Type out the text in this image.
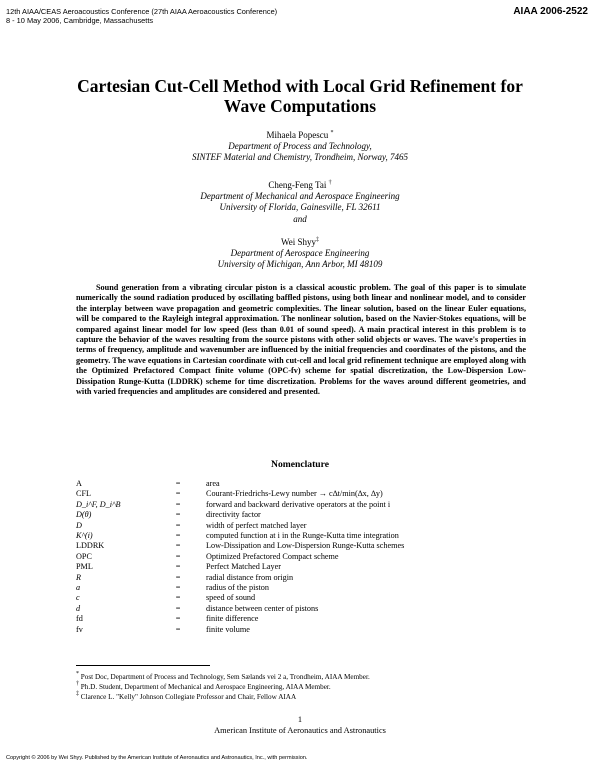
12th AIAA/CEAS Aeroacoustics Conference (27th AIAA Aeroacoustics Conference)
8 - 10 May 2006, Cambridge, Massachusetts
AIAA 2006-2522
Cartesian Cut-Cell Method with Local Grid Refinement for
Wave Computations
Mihaela Popescu *
Department of Process and Technology,
SINTEF Material and Chemistry, Trondheim, Norway, 7465
Cheng-Feng Tai †
Department of Mechanical and Aerospace Engineering
University of Florida, Gainesville, FL 32611
and
Wei Shyy‡
Department of Aerospace Engineering
University of Michigan, Ann Arbor, MI 48109
Sound generation from a vibrating circular piston is a classical acoustic problem. The goal of this paper is to simulate numerically the sound radiation produced by oscillating baffled pistons, using both linear and nonlinear model, and to consider the interplay between wave propagation and geometric complexities. The linear solution, based on the linear Euler equations, will be compared to the Rayleigh integral approximation. The nonlinear solution, based on the Navier-Stokes equations, will be compared against linear model for low speed (less than 0.01 of sound speed). A main practical interest in this problem is to capture the behavior of the waves resulting from the source pistons with other solid objects or waves. The wave's properties in terms of frequency, amplitude and wavenumber are influenced by the initial frequencies and coordinates of the pistons, and the geometry. The wave equations in Cartesian coordinate with cut-cell and local grid refinement technique are employed along with the Optimized Prefactored Compact finite volume (OPC-fv) scheme for spatial discretization, the Low-Dispersion Low-Dissipation Runge-Kutta (LDDRK) scheme for time discretization. Problems for the waves around different geometries, and with varied frequencies and amplitudes are considered and presented.
Nomenclature
A	=	area
CFL	=	Courant-Friedrichs-Lewy number → c∆t/min(∆x, ∆y)
D_i^F, D_i^B	=	forward and backward derivative operators at the point i
D(θ)	=	directivity factor
D	=	width of perfect matched layer
K^(i)	=	computed function at i in the Runge-Kutta time integration
LDDRK	=	Low-Dissipation and Low-Dispersion Runge-Kutta schemes
OPC	=	Optimized Prefactored Compact scheme
PML	=	Perfect Matched Layer
R	=	radial distance from origin
a	=	radius of the piston
c	=	speed of sound
d	=	distance between center of pistons
fd	=	finite difference
fv	=	finite volume
* Post Doc, Department of Process and Technology, Sem Sælands vei 2 a, Trondheim, AIAA Member.
† Ph.D. Student, Department of Mechanical and Aerospace Engineering, AIAA Member.
‡ Clarence L. "Kelly" Johnson Collegiate Professor and Chair, Fellow AIAA
1
American Institute of Aeronautics and Astronautics
Copyright © 2006 by Wei Shyy. Published by the American Institute of Aeronautics and Astronautics, Inc., with permission.
